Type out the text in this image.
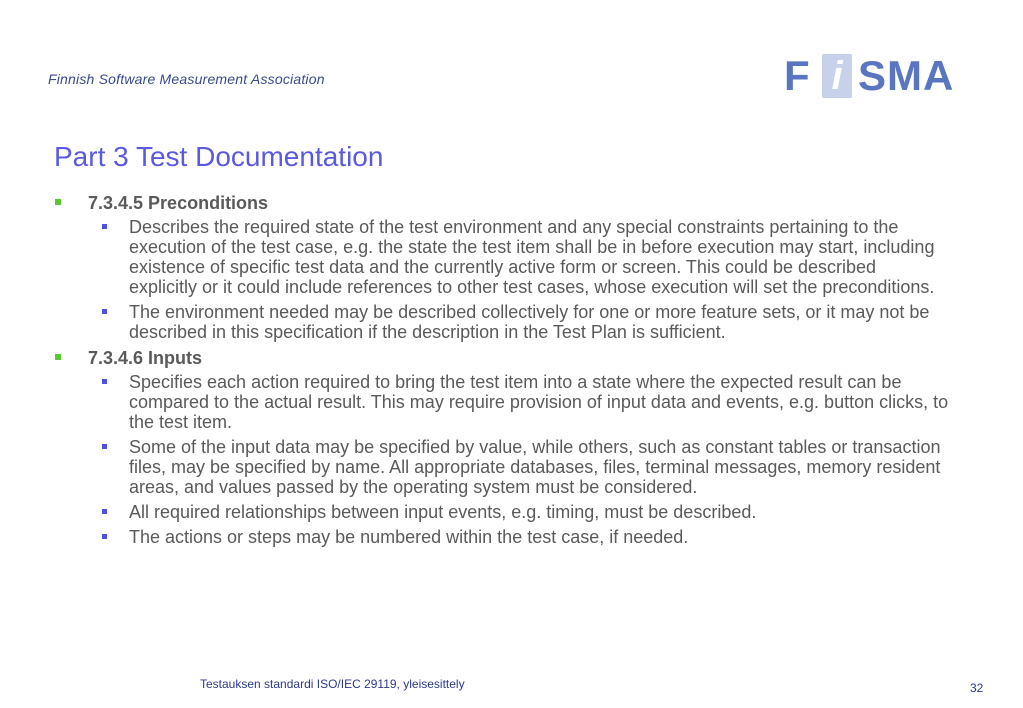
Finnish Software Measurement Association	F i SMA
Part 3 Test Documentation
7.3.4.5 Preconditions
Describes the required state of the test environment and any special constraints pertaining to the execution of the test case, e.g. the state the test item shall be in before execution may start, including existence of specific test data and the currently active form or screen. This could be described explicitly or it could include references to other test cases, whose execution will set the preconditions.
The environment needed may be described collectively for one or more feature sets, or it may not be described in this specification if the description in the Test Plan is sufficient.
7.3.4.6 Inputs
Specifies each action required to bring the test item into a state where the expected result can be compared to the actual result. This may require provision of input data and events, e.g. button clicks, to the test item.
Some of the input data may be specified by value, while others, such as constant tables or transaction files, may be specified by name. All appropriate databases, files, terminal messages, memory resident areas, and values passed by the operating system must be considered.
All required relationships between input events, e.g. timing, must be described.
The actions or steps may be numbered within the test case, if needed.
Testauksen standardi ISO/IEC 29119, yleisesittely	32
